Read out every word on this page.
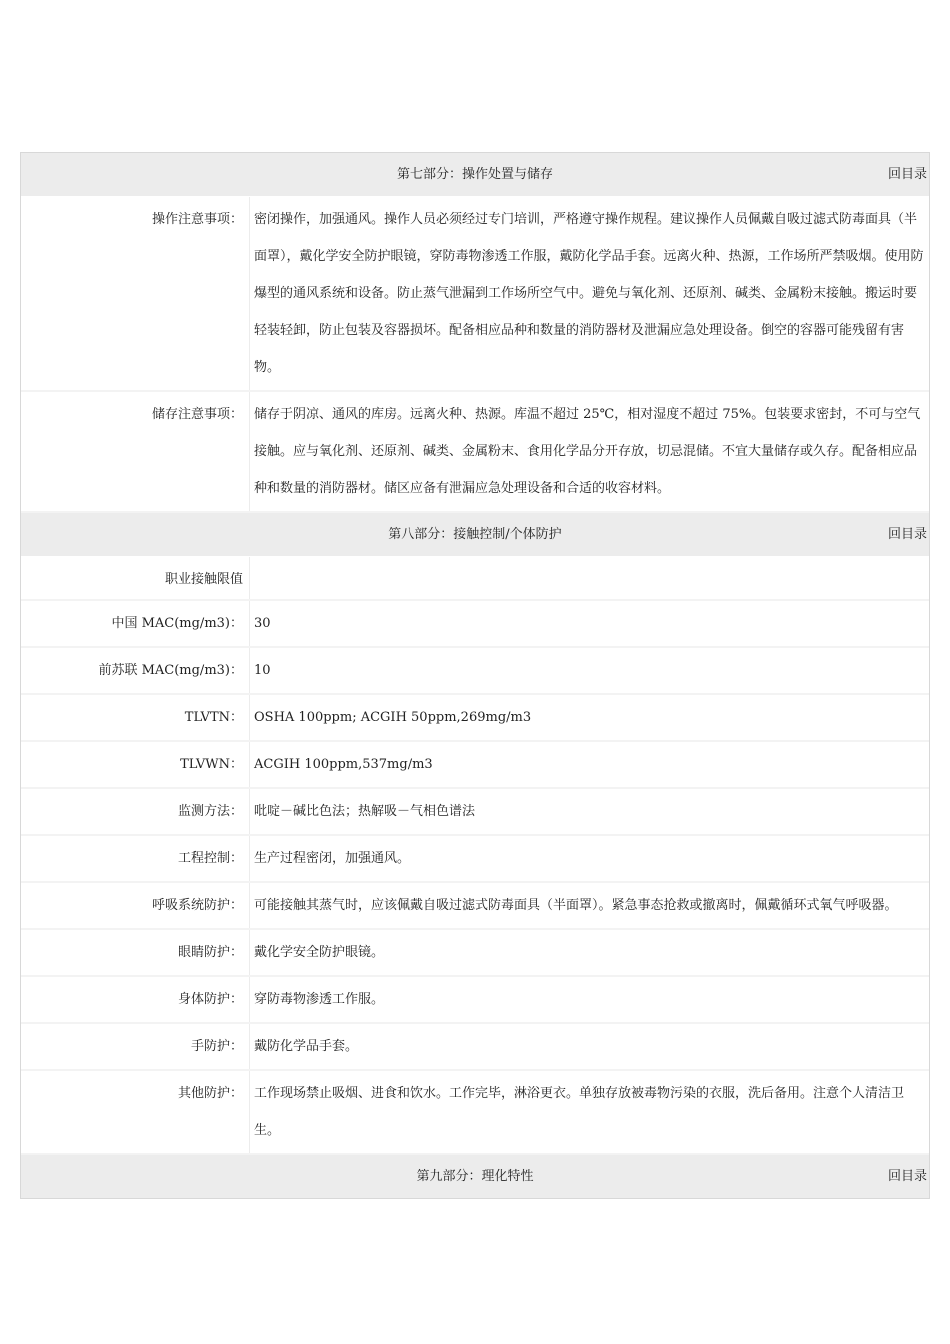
第七部分：操作处置与储存	回目录
操作注意事项： 密闭操作，加强通风。操作人员必须经过专门培训，严格遵守操作规程。建议操作人员佩戴自吸过滤式防毒面具（半面罩），戴化学安全防护眼镜，穿防毒物渗透工作服，戴防化学品手套。远离火种、热源，工作场所严禁吸烟。使用防爆型的通风系统和设备。防止蒸气泄漏到工作场所空气中。避免与氧化剂、还原剂、碱类、金属粉末接触。搬运时要轻装轻卸，防止包装及容器损坏。配备相应品种和数量的消防器材及泄漏应急处理设备。倒空的容器可能残留有害物。
储存注意事项： 储存于阴凉、通风的库房。远离火种、热源。库温不超过 25℃，相对湿度不超过 75%。包装要求密封，不可与空气接触。应与氧化剂、还原剂、碱类、金属粉末、食用化学品分开存放，切忌混储。不宜大量储存或久存。配备相应品种和数量的消防器材。储区应备有泄漏应急处理设备和合适的收容材料。
第八部分：接触控制/个体防护	回目录
职业接触限值
中国 MAC(mg/m3)： 30
前苏联 MAC(mg/m3)： 10
TLVTN： OSHA 100ppm; ACGIH 50ppm,269mg/m3
TLVWN： ACGIH 100ppm,537mg/m3
监测方法： 吡啶－碱比色法；热解吸－气相色谱法
工程控制： 生产过程密闭，加强通风。
呼吸系统防护： 可能接触其蒸气时，应该佩戴自吸过滤式防毒面具（半面罩）。紧急事态抢救或撤离时，佩戴循环式氧气呼吸器。
眼睛防护： 戴化学安全防护眼镜。
身体防护： 穿防毒物渗透工作服。
手防护： 戴防化学品手套。
其他防护： 工作现场禁止吸烟、进食和饮水。工作完毕，淋浴更衣。单独存放被毒物污染的衣服，洗后备用。注意个人清洁卫生。
第九部分：理化特性	回目录
